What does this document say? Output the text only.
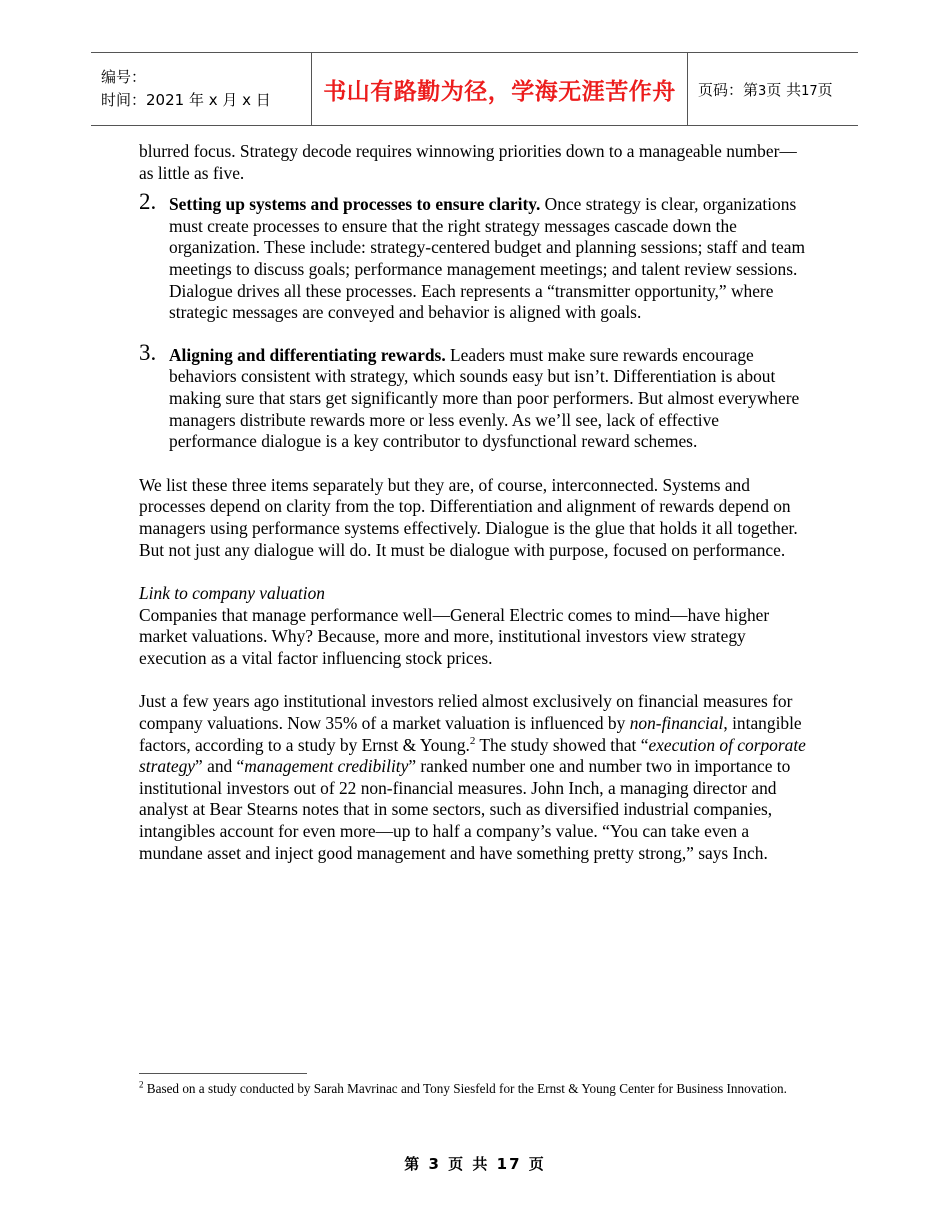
编号：
时间：2021 年 x 月 x 日	书山有路勤为径，学海无涯苦作舟	页码：第3页 共17页

blurred focus. Strategy decode requires winnowing priorities down to a manageable number—as little as five.

2. Setting up systems and processes to ensure clarity. Once strategy is clear, organizations must create processes to ensure that the right strategy messages cascade down the organization. These include: strategy-centered budget and planning sessions; staff and team meetings to discuss goals; performance management meetings; and talent review sessions. Dialogue drives all these processes. Each represents a “transmitter opportunity,” where strategic messages are conveyed and behavior is aligned with goals.
3. Aligning and differentiating rewards. Leaders must make sure rewards encourage behaviors consistent with strategy, which sounds easy but isn’t. Differentiation is about making sure that stars get significantly more than poor performers. But almost everywhere managers distribute rewards more or less evenly. As we’ll see, lack of effective performance dialogue is a key contributor to dysfunctional reward schemes.

We list these three items separately but they are, of course, interconnected. Systems and processes depend on clarity from the top. Differentiation and alignment of rewards depend on managers using performance systems effectively. Dialogue is the glue that holds it all together. But not just any dialogue will do. It must be dialogue with purpose, focused on performance.

Link to company valuation

Companies that manage performance well—General Electric comes to mind—have higher market valuations. Why? Because, more and more, institutional investors view strategy execution as a vital factor influencing stock prices.

Just a few years ago institutional investors relied almost exclusively on financial measures for company valuations. Now 35% of a market valuation is influenced by non-financial, intangible factors, according to a study by Ernst & Young.$^2$ The study showed that “execution of corporate strategy” and “management credibility” ranked number one and number two in importance to institutional investors out of 22 non-financial measures. John Inch, a managing director and analyst at Bear Stearns notes that in some sectors, such as diversified industrial companies, intangibles account for even more—up to half a company’s value. “You can take even a mundane asset and inject good management and have something pretty strong,” says Inch.

$^2$ Based on a study conducted by Sarah Mavrinac and Tony Siesfeld for the Ernst & Young Center for Business Innovation.
第 3 页 共 17 页
